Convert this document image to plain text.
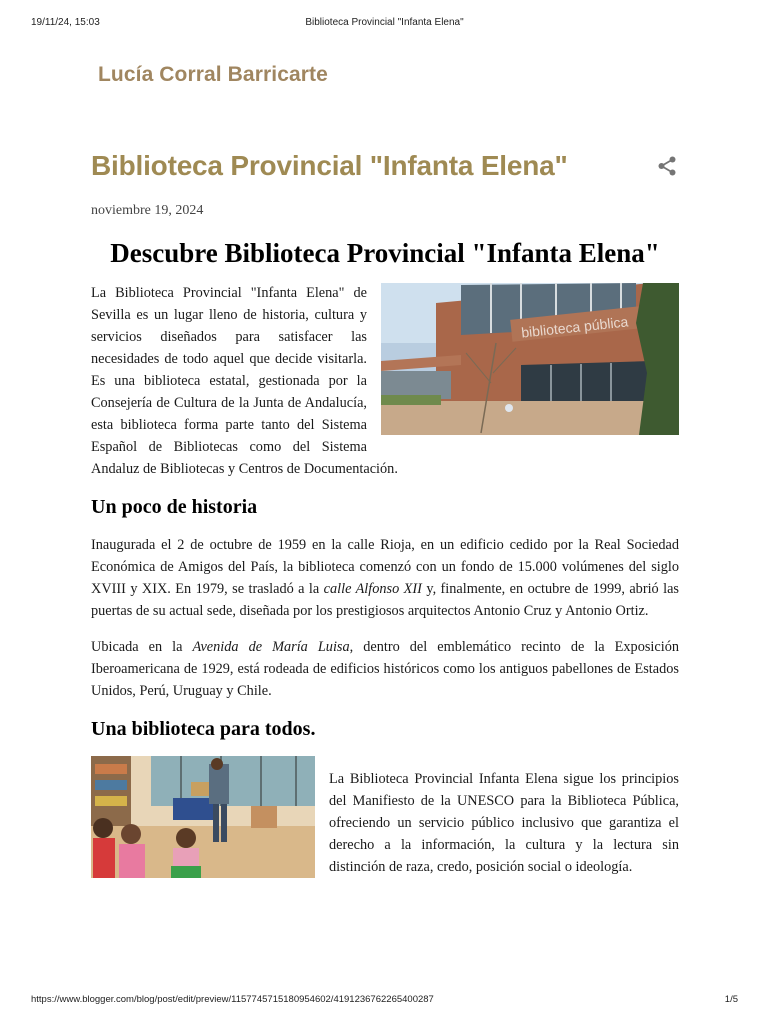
19/11/24, 15:03	Biblioteca Provincial "Infanta Elena"
Lucía Corral Barricarte
Biblioteca Provincial "Infanta Elena"
noviembre 19, 2024
Descubre Biblioteca Provincial "Infanta Elena"
biblioteca pública

La Biblioteca Provincial "Infanta Elena" de Sevilla es un lugar lleno de historia, cultura y servicios diseñados para satisfacer las necesidades de todo aquel que decide visitarla. Es una biblioteca estatal, gestionada por la Consejería de Cultura de la Junta de Andalucía, esta biblioteca forma parte tanto del Sistema Español de Bibliotecas como del Sistema Andaluz de Bibliotecas y Centros de Documentación.

Un poco de historia

Inaugurada el 2 de octubre de 1959 en la calle Rioja, en un edificio cedido por la Real Sociedad Económica de Amigos del País, la biblioteca comenzó con un fondo de 15.000 volúmenes del siglo XVIII y XIX. En 1979, se trasladó a la calle Alfonso XII y, finalmente, en octubre de 1999, abrió las puertas de su actual sede, diseñada por los prestigiosos arquitectos Antonio Cruz y Antonio Ortiz.

Ubicada en la Avenida de María Luisa, dentro del emblemático recinto de la Exposición Iberoamericana de 1929, está rodeada de edificios históricos como los antiguos pabellones de Estados Unidos, Perú, Uruguay y Chile.

Una biblioteca para todos.

La Biblioteca Provincial Infanta Elena sigue los principios del Manifiesto de la UNESCO para la Biblioteca Pública, ofreciendo un servicio público inclusivo que garantiza el derecho a la información, la cultura y la lectura sin distinción de raza, credo, posición social o ideología.

https://www.blogger.com/blog/post/edit/preview/1157745715180954602/4191236762265400287	1/5
